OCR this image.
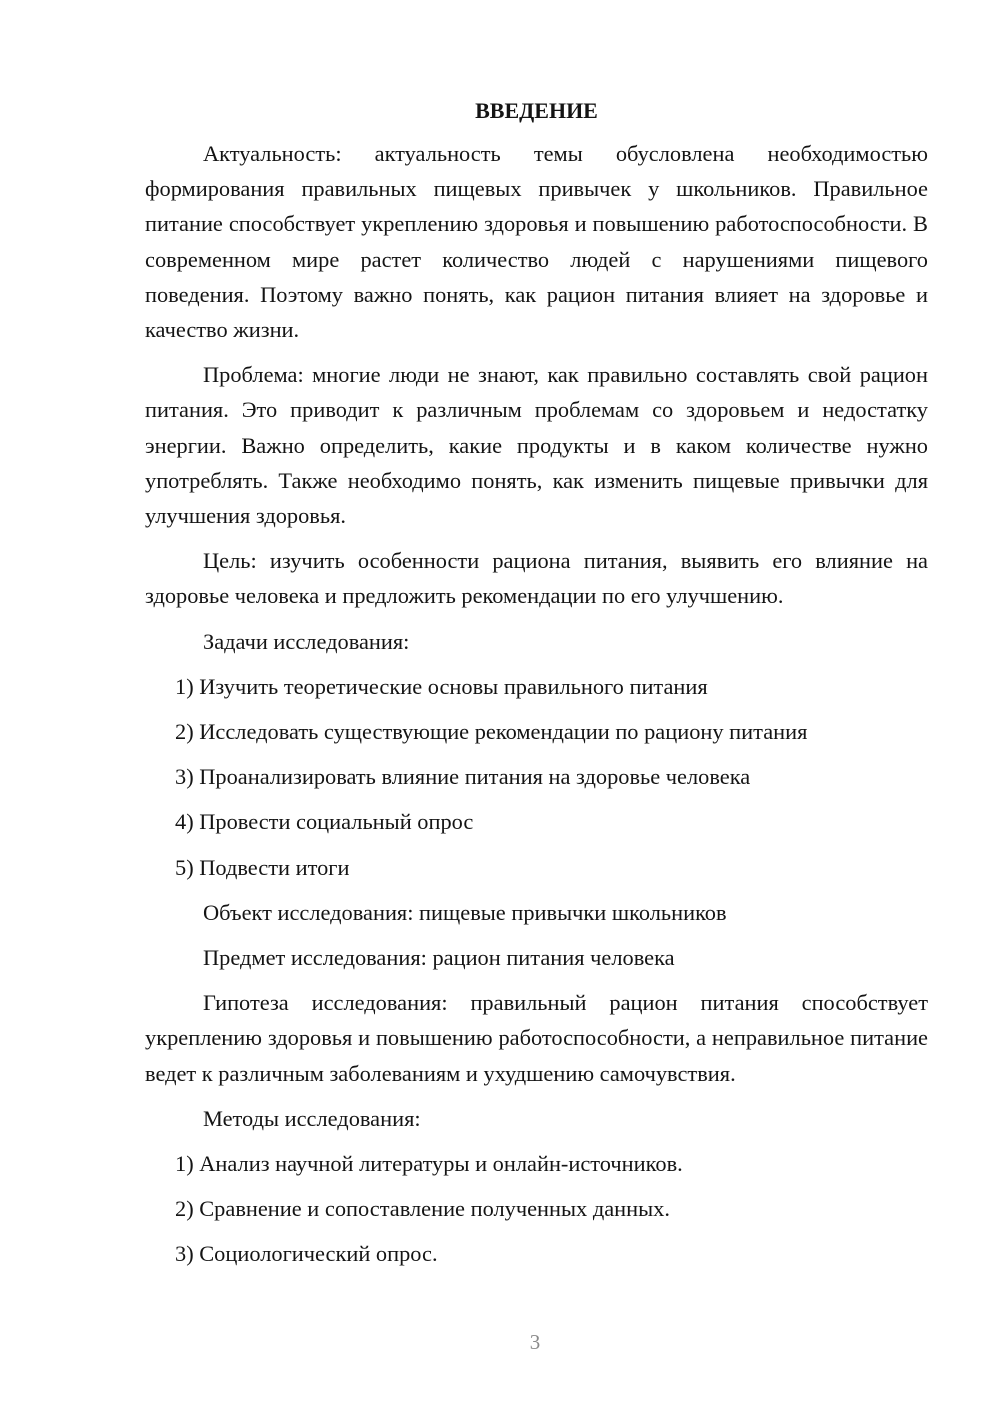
ВВЕДЕНИЕ

Актуальность: актуальность темы обусловлена необходимостью формирования правильных пищевых привычек у школьников. Правильное питание способствует укреплению здоровья и повышению работоспособности. В современном мире растет количество людей с нарушениями пищевого поведения. Поэтому важно понять, как рацион питания влияет на здоровье и качество жизни.

Проблема: многие люди не знают, как правильно составлять свой рацион питания. Это приводит к различным проблемам со здоровьем и недостатку энергии. Важно определить, какие продукты и в каком количестве нужно употреблять. Также необходимо понять, как изменить пищевые привычки для улучшения здоровья.

Цель: изучить особенности рациона питания, выявить его влияние на здоровье человека и предложить рекомендации по его улучшению.

Задачи исследования:
1) Изучить теоретические основы правильного питания
2) Исследовать существующие рекомендации по рациону питания
3) Проанализировать влияние питания на здоровье человека
4) Провести социальный опрос
5) Подвести итоги
Объект исследования: пищевые привычки школьников
Предмет исследования: рацион питания человека

Гипотеза исследования: правильный рацион питания способствует укреплению здоровья и повышению работоспособности, а неправильное питание ведет к различным заболеваниям и ухудшению самочувствия.

Методы исследования:
1) Анализ научной литературы и онлайн-источников.
2) Сравнение и сопоставление полученных данных.
3) Социологический опрос.
3
